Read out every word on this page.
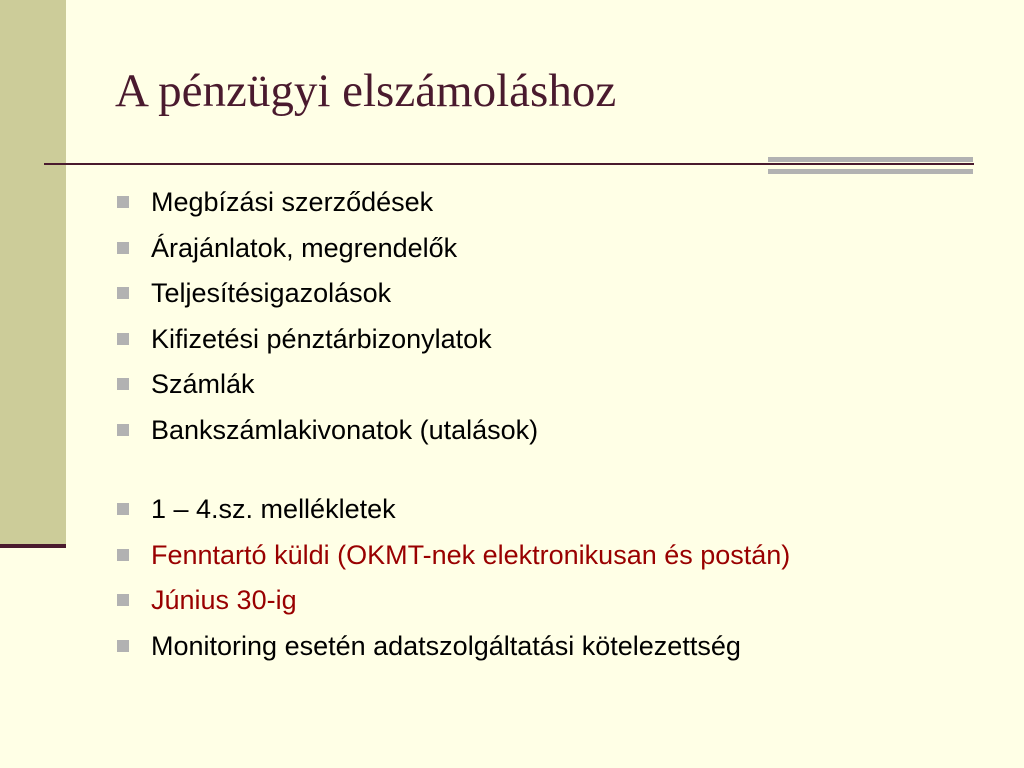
A pénzügyi elszámoláshoz
Megbízási szerződések
Árajánlatok, megrendelők
Teljesítésigazolások
Kifizetési pénztárbizonylatok
Számlák
Bankszámlakivonatok (utalások)
1 – 4.sz. mellékletek
Fenntartó küldi (OKMT-nek elektronikusan és postán)
Június 30-ig
Monitoring esetén adatszolgáltatási kötelezettség
